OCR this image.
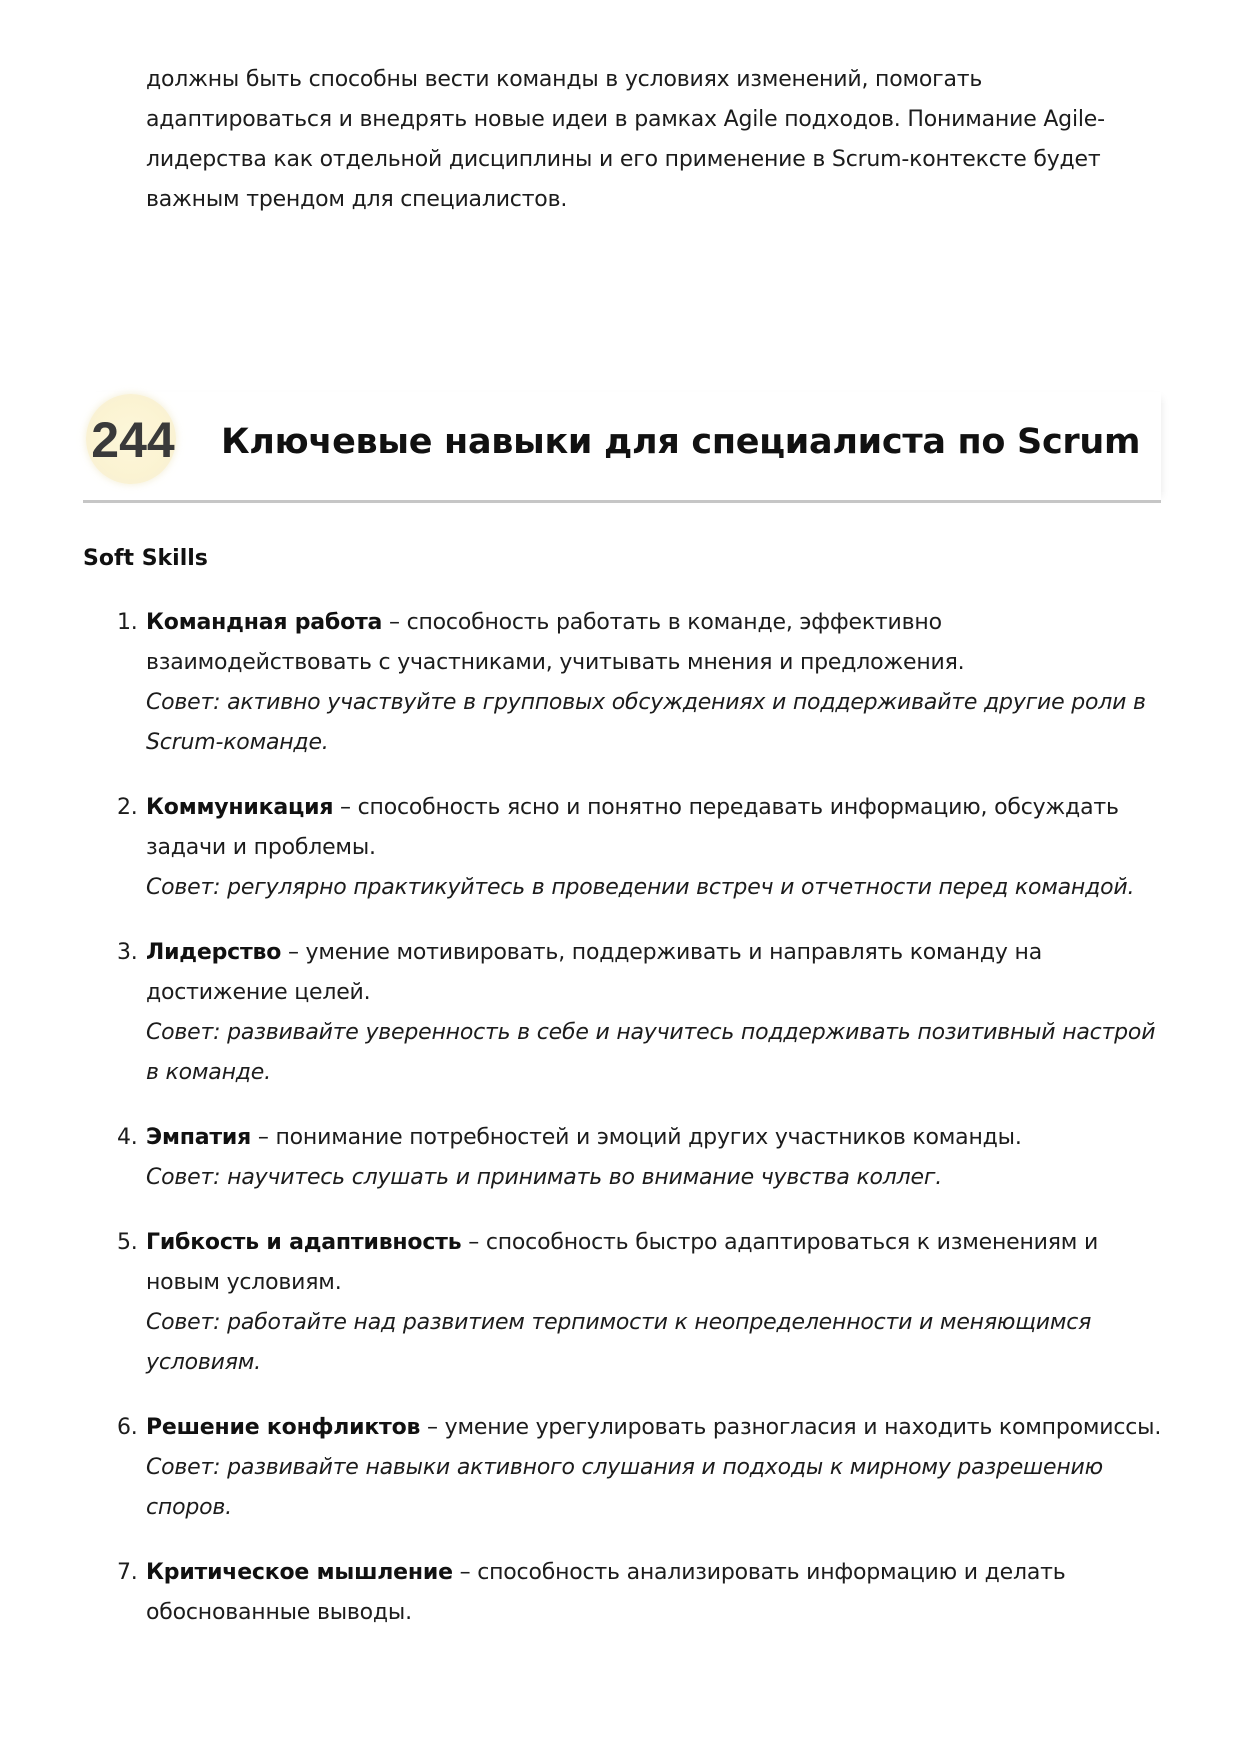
должны быть способны вести команды в условиях изменений, помогать адаптироваться и внедрять новые идеи в рамках Agile подходов. Понимание Agile-лидерства как отдельной дисциплины и его применение в Scrum-контексте будет важным трендом для специалистов.

244 Ключевые навыки для специалиста по Scrum
Soft Skills
1. Командная работа – способность работать в команде, эффективно взаимодействовать с участниками, учитывать мнения и предложения.
Совет: активно участвуйте в групповых обсуждениях и поддерживайте другие роли в Scrum-команде.
2. Коммуникация – способность ясно и понятно передавать информацию, обсуждать задачи и проблемы.
Совет: регулярно практикуйтесь в проведении встреч и отчетности перед командой.
3. Лидерство – умение мотивировать, поддерживать и направлять команду на достижение целей.
Совет: развивайте уверенность в себе и научитесь поддерживать позитивный настрой в команде.
4. Эмпатия – понимание потребностей и эмоций других участников команды.
Совет: научитесь слушать и принимать во внимание чувства коллег.
5. Гибкость и адаптивность – способность быстро адаптироваться к изменениям и новым условиям.
Совет: работайте над развитием терпимости к неопределенности и меняющимся условиям.
6. Решение конфликтов – умение урегулировать разногласия и находить компромиссы.
Совет: развивайте навыки активного слушания и подходы к мирному разрешению споров.
7. Критическое мышление – способность анализировать информацию и делать обоснованные выводы.
